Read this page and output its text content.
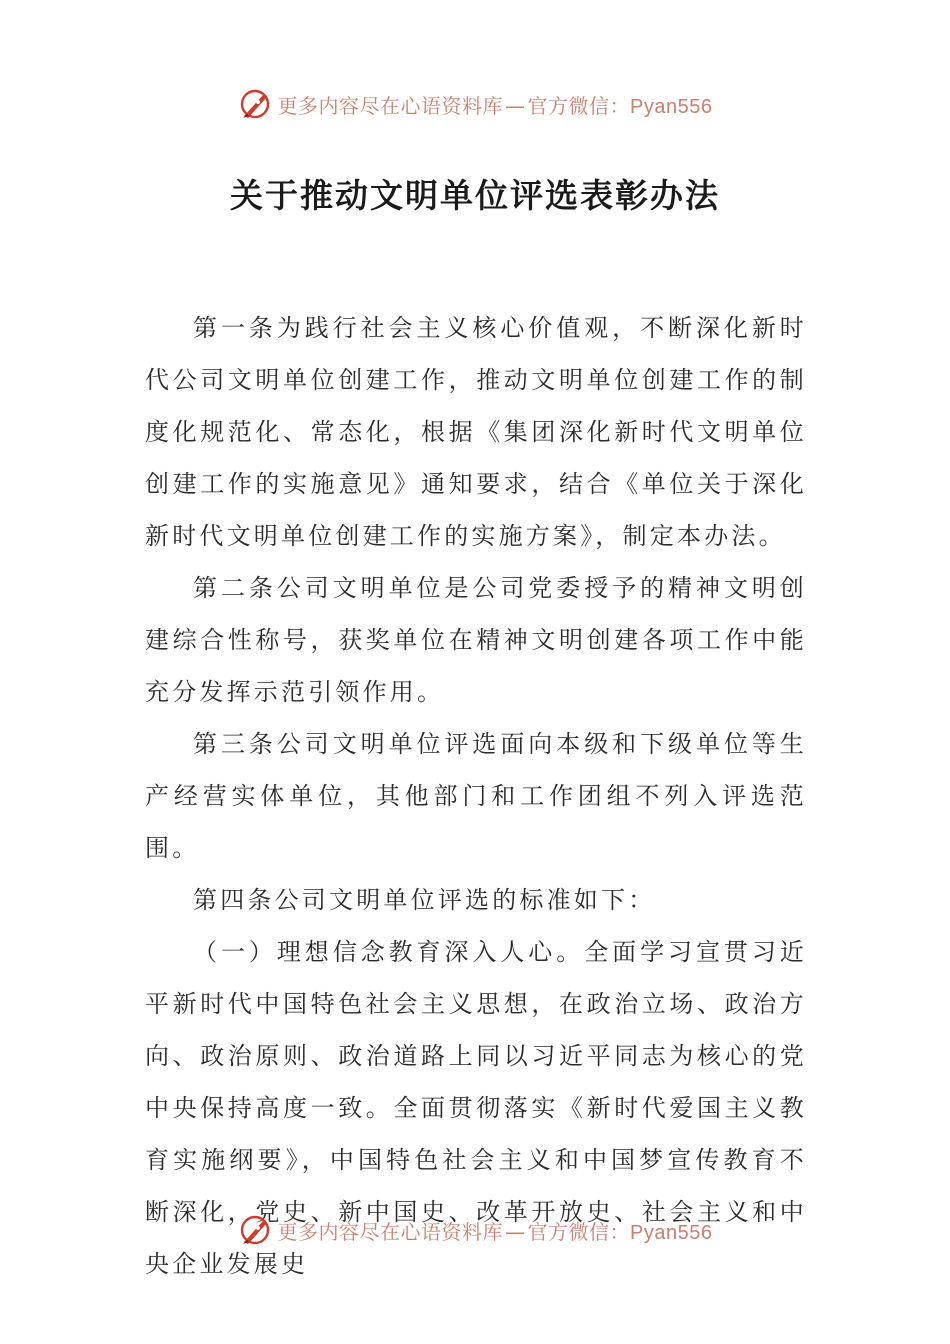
更多内容尽在心语资料库 — 官方微信：Pyan556
关于推动文明单位评选表彰办法

第一条为践行社会主义核心价值观，不断深化新时代公司文明单位创建工作，推动文明单位创建工作的制度化规范化、常态化，根据《集团深化新时代文明单位创建工作的实施意见》通知要求，结合《单位关于深化新时代文明单位创建工作的实施方案》，制定本办法。

第二条公司文明单位是公司党委授予的精神文明创建综合性称号，获奖单位在精神文明创建各项工作中能充分发挥示范引领作用。

第三条公司文明单位评选面向本级和下级单位等生产经营实体单位，其他部门和工作团组不列入评选范围。

第四条公司文明单位评选的标准如下：

（一）理想信念教育深入人心。全面学习宣贯习近平新时代中国特色社会主义思想，在政治立场、政治方向、政治原则、政治道路上同以习近平同志为核心的党中央保持高度一致。全面贯彻落实《新时代爱国主义教育实施纲要》，中国特色社会主义和中国梦宣传教育不断深化，党史、新中国史、改革开放史、社会主义和中央企业发展史

更多内容尽在心语资料库 — 官方微信：Pyan556
